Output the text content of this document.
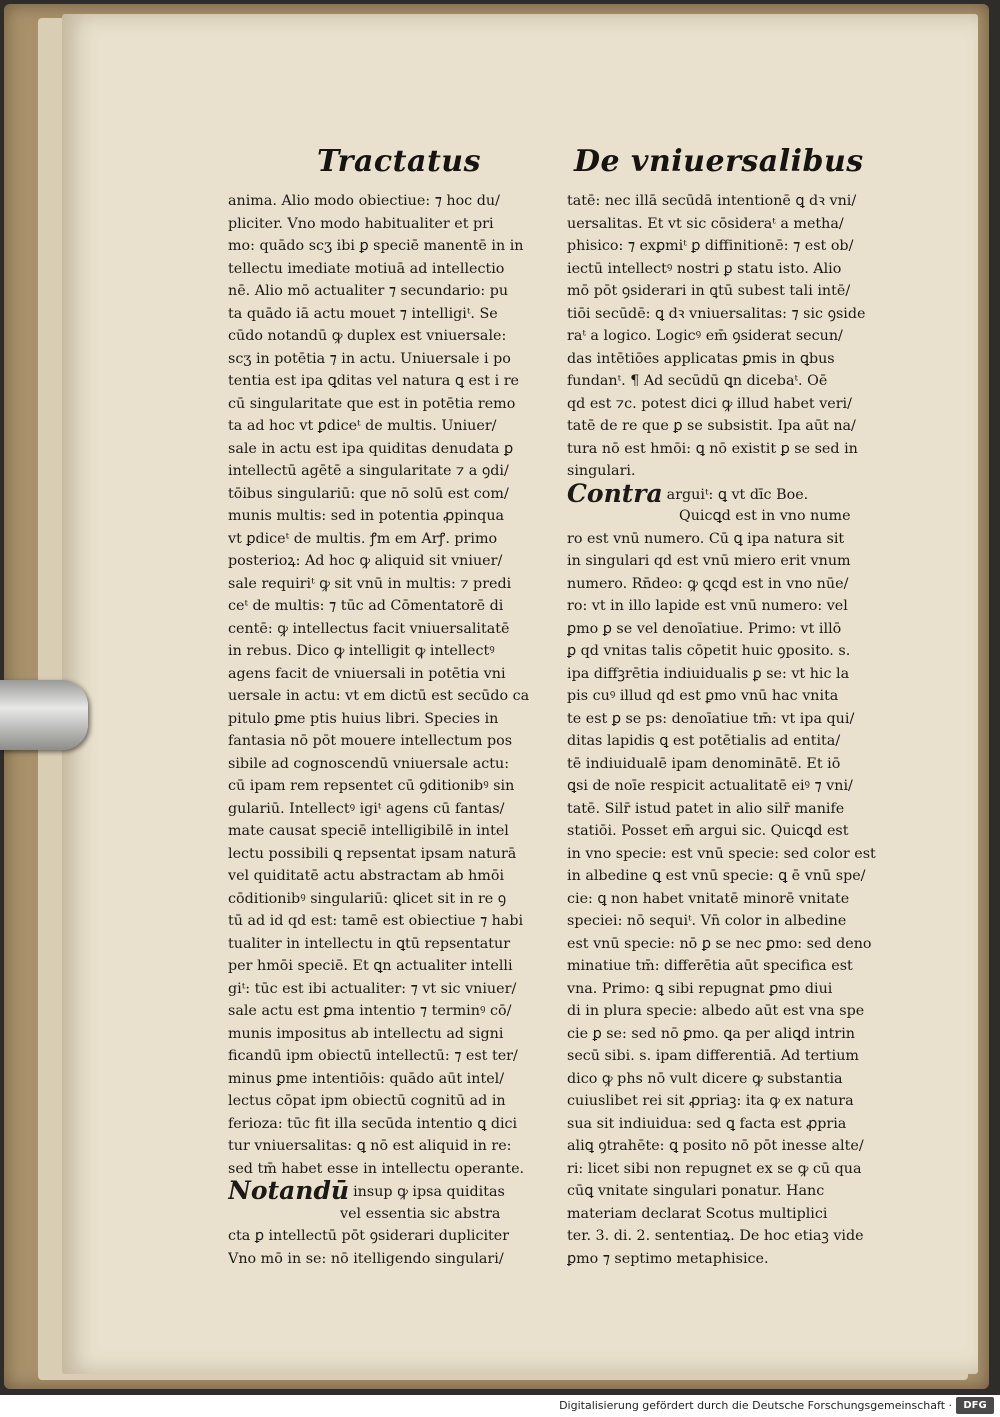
Tractatus	De vniuersalibus
anima. Alio modo obiectiue: ⁊ hoc du/
pliciter. Vno modo habitualiter et pri
mo: quādo scʒ ibi ꝑ speciē manentē in in
tellectu imediate motiuā ad intellectio
nē. Alio mō actualiter ⁊ secundario: pu
ta quādo iā actu mouet ⁊ intelligiᵗ. Se
cūdo notandū ꝙ duplex est vniuersale:
scʒ in potētia ⁊ in actu. Uniuersale i po
tentia est ipa ꝗditas vel natura ꝗ est i re
cū singularitate que est in potētia remo
ta ad hoc vt ꝑdiceᵗ de multis. Uniuer/
sale in actu est ipa quiditas denudata ꝑ
intellectū agētē a singularitate ⁊ a ꝯdi/
tōibus singulariū: que nō solū est com/
munis multis: sed in potentia ꝓpinqua
vt ꝑdiceᵗ de multis. ꝭm em Arꝭ. primo
posterioꝝ: Ad hoc ꝙ aliquid sit vniuer/
sale requiriᵗ ꝙ sit vnū in multis: ⁊ predi
ceᵗ de multis: ⁊ tūc ad Cōmentatorē di
centē: ꝙ intellectus facit vniuersalitatē
in rebus. Dico ꝙ intelligit ꝙ intellectꝰ
agens facit de vniuersali in potētia vni
uersale in actu: vt em dictū est secūdo ca
pitulo ꝑme ptis huius libri. Species in
fantasia nō pōt mouere intellectum pos
sibile ad cognoscendū vniuersale actu:
cū ipam rem repsentet cū ꝯditionibꝰ sin
gulariū. Intellectꝰ igiᵗ agens cū fantas/
mate causat speciē intelligibilē in intel
lectu possibili ꝗ repsentat ipsam naturā
vel quiditatē actu abstractam ab hmōi
cōditionibꝰ singulariū: ꝗlicet sit in re ꝯ
tū ad id qd est: tamē est obiectiue ⁊ habi
tualiter in intellectu in ꝗtū repsentatur
per hmōi speciē. Et ꝗn actualiter intelli
giᵗ: tūc est ibi actualiter: ⁊ vt sic vniuer/
sale actu est ꝑma intentio ⁊ terminꝰ cō/
munis impositus ab intellectu ad signi
ficandū ipm obiectū intellectū: ⁊ est ter/
minus ꝑme intentiōis: quādo aūt intel/
lectus cōpat ipm obiectū cognitū ad in
ferioza: tūc fit illa secūda intentio ꝗ dici
tur vniuersalitas: ꝗ nō est aliquid in re:
sed tm̄ habet esse in intellectu operante.
Notandū insup ꝙ ipsa quiditas
vel essentia sic abstra
cta ꝑ intellectū pōt ꝯsiderari dupliciter
Vno mō in se: nō itelligendo singulari/
tatē: nec illā secūdā intentionē ꝗ dꝛ vni/
uersalitas. Et vt sic cōsideraᵗ a metha/
phisico: ⁊ exꝑmiᵗ ꝑ diffinitionē: ⁊ est ob/
iectū intellectꝰ nostri ꝑ statu isto. Alio
mō pōt ꝯsiderari in ꝗtū subest tali intē/
tiōi secūdē: ꝗ dꝛ vniuersalitas: ⁊ sic ꝯside
raᵗ a logico. Logicꝰ em̄ ꝯsiderat secun/
das intētiōes applicatas ꝑmis in ꝗbus
fundanᵗ. ¶ Ad secūdū ꝗn dicebaᵗ. Oē
qd est ⁊c. potest dici ꝙ illud habet veri/
tatē de re que ꝑ se subsistit. Ipa aūt na/
tura nō est hmōi: ꝗ nō existit ꝑ se sed in
singulari.
Contra arguiᵗ: ꝗ vt dīc Boe.
Quicꝗd est in vno nume
ro est vnū numero. Cū ꝗ ipa natura sit
in singulari qd est vnū miero erit vnum
numero. Rn̄deo: ꝙ ꝗcꝗd est in vno nūe/
ro: vt in illo lapide est vnū numero: vel
ꝑmo ꝑ se vel denoīatiue. Primo: vt illō
ꝑ qd vnitas talis cōpetit huic ꝯposito. s.
ipa diffꝫrētia indiuidualis ꝑ se: vt hic la
pis cuꝰ illud qd est ꝑmo vnū hac vnita
te est ꝑ se ps: denoīatiue tm̄: vt ipa qui/
ditas lapidis ꝗ est potētialis ad entita/
tē indiuidualē ipam denominātē. Et iō
ꝗsi de noīe respicit actualitatē eiꝰ ⁊ vni/
tatē. Silr̄ istud patet in alio silr̄ manife
statiōi. Posset em̄ argui sic. Quicꝗd est
in vno specie: est vnū specie: sed color est
in albedine ꝗ est vnū specie: ꝗ ē vnū spe/
cie: ꝗ non habet vnitatē minorē vnitate
speciei: nō sequiᵗ. Vn̄ color in albedine
est vnū specie: nō ꝑ se nec ꝑmo: sed deno
minatiue tm̄: differētia aūt specifica est
vna. Primo: ꝗ sibi repugnat ꝑmo diui
di in plura specie: albedo aūt est vna spe
cie ꝑ se: sed nō ꝑmo. ꝗa per aliꝗd intrin
secū sibi. s. ipam differentiā. Ad tertium
dico ꝙ phs nō vult dicere ꝙ substantia
cuiuslibet rei sit ꝓpriaꝫ: ita ꝙ ex natura
sua sit indiuidua: sed ꝗ facta est ꝓpria
aliꝗ ꝯtrahēte: ꝗ posito nō pōt inesse alte/
ri: licet sibi non repugnet ex se ꝙ cū qua
cūꝗ vnitate singulari ponatur. Hanc
materiam declarat Scotus multiplici
ter. 3. di. 2. sententiaꝝ. De hoc etiaꝫ vide
ꝑmo ⁊ septimo metaphisice.
Digitalisierung gefördert durch die Deutsche Forschungsgemeinschaft ·	DFG
